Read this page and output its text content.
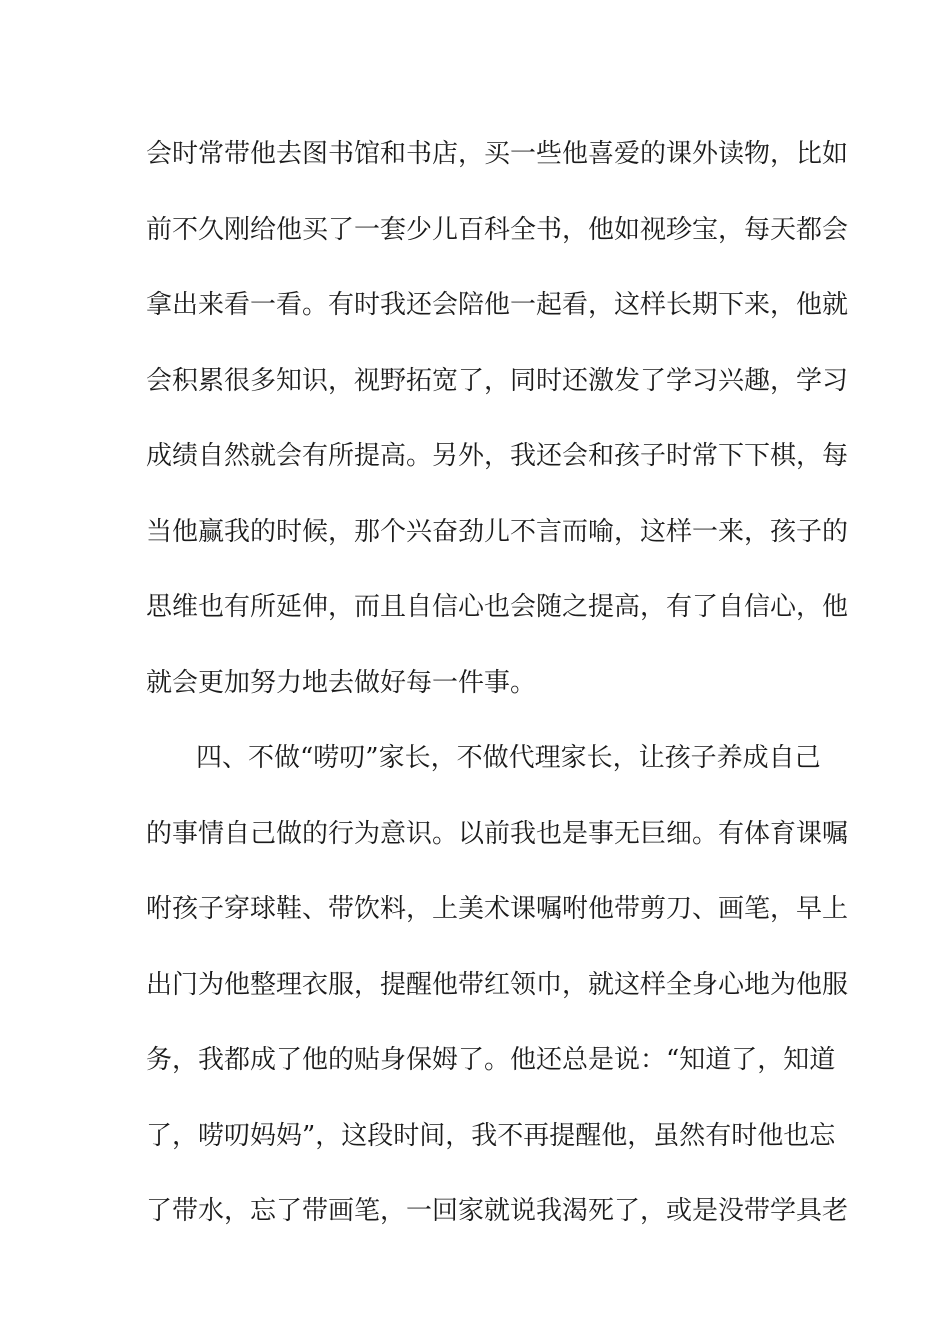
会时常带他去图书馆和书店，买一些他喜爱的课外读物，比如
前不久刚给他买了一套少儿百科全书，他如视珍宝，每天都会
拿出来看一看。有时我还会陪他一起看，这样长期下来，他就
会积累很多知识，视野拓宽了，同时还激发了学习兴趣，学习
成绩自然就会有所提高。另外，我还会和孩子时常下下棋，每
当他赢我的时候，那个兴奋劲儿不言而喻，这样一来，孩子的
思维也有所延伸，而且自信心也会随之提高，有了自信心，他
就会更加努力地去做好每一件事。
四、不做“唠叨”家长，不做代理家长，让孩子养成自己
的事情自己做的行为意识。以前我也是事无巨细。有体育课嘱
咐孩子穿球鞋、带饮料，上美术课嘱咐他带剪刀、画笔，早上
出门为他整理衣服，提醒他带红领巾，就这样全身心地为他服
务，我都成了他的贴身保姆了。他还总是说：“知道了，知道
了，唠叨妈妈”，这段时间，我不再提醒他，虽然有时他也忘
了带水，忘了带画笔，一回家就说我渴死了，或是没带学具老
